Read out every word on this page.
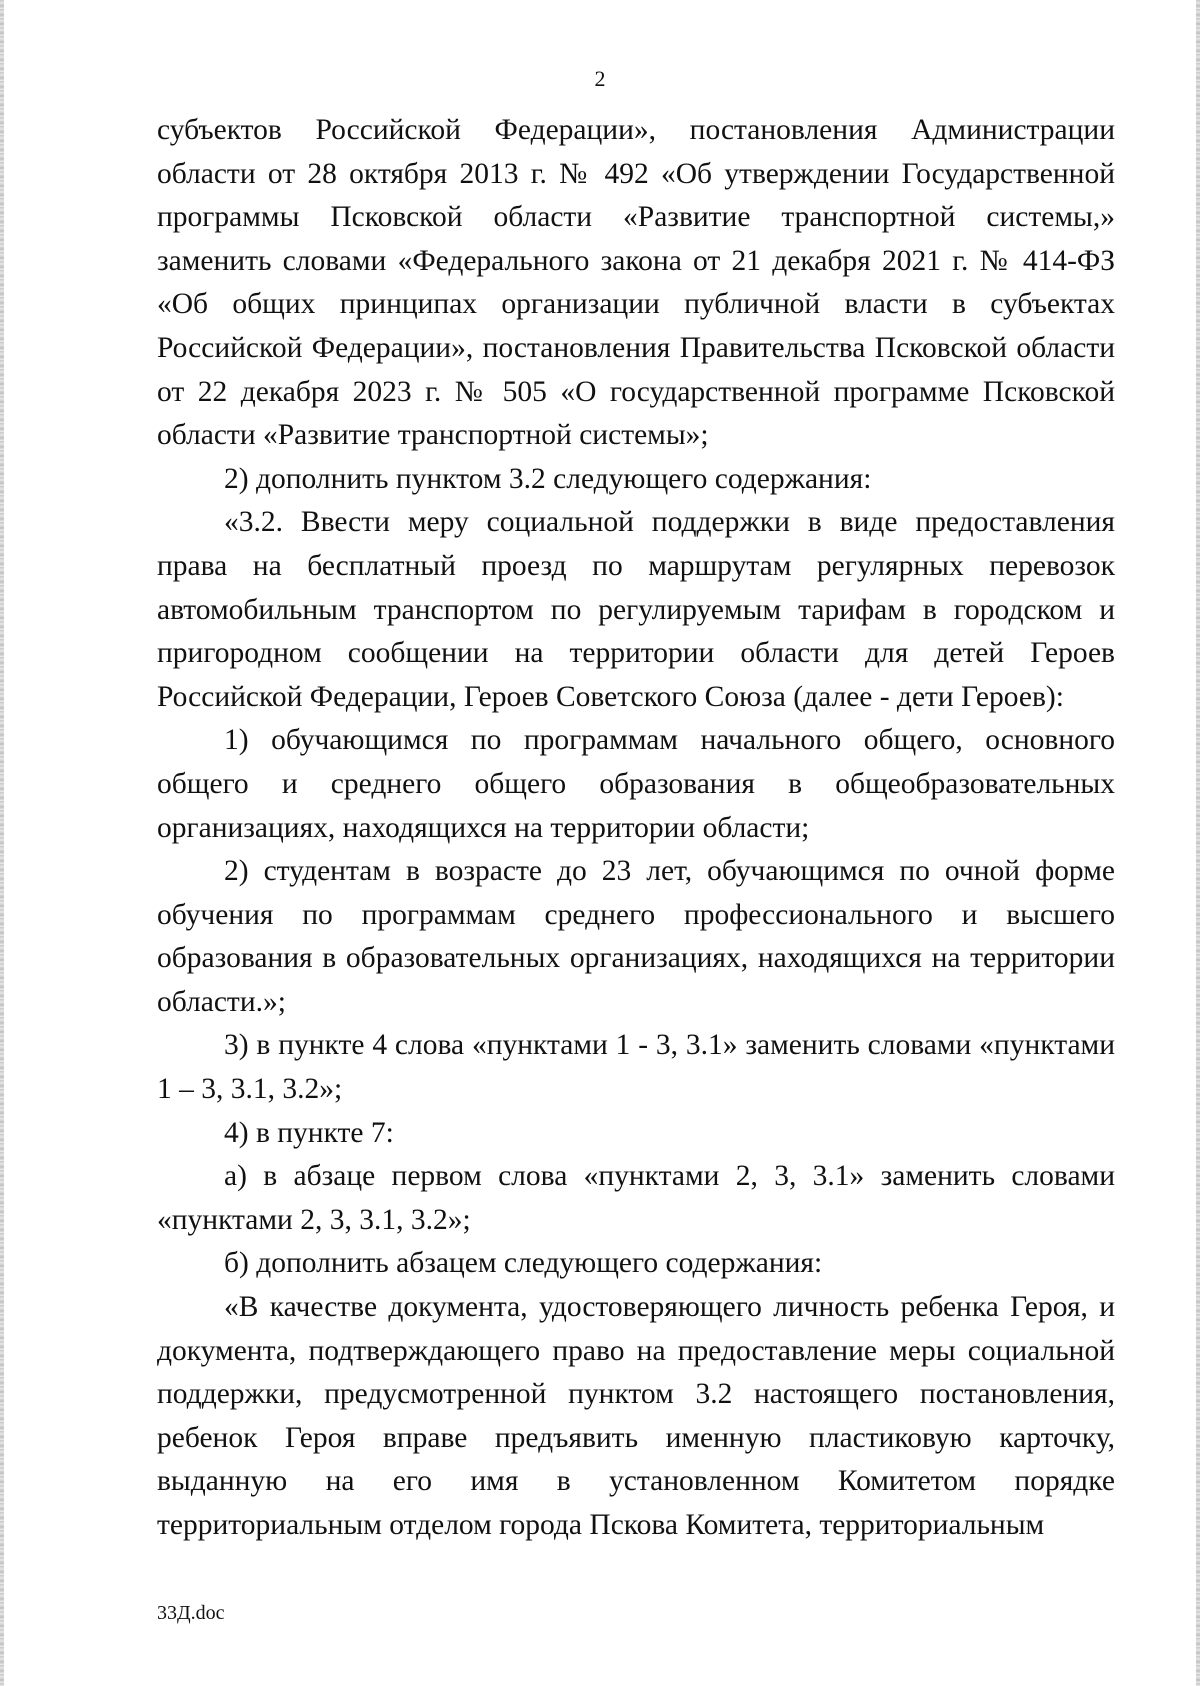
2

субъектов Российской Федерации», постановления Администрации области от 28 октября 2013 г. № 492 «Об утверждении Государственной программы Псковской области «Развитие транспортной системы,» заменить словами «Федерального закона от 21 декабря 2021 г. № 414-ФЗ «Об общих принципах организации публичной власти в субъектах Российской Федерации», постановления Правительства Псковской области от 22 декабря 2023 г. № 505 «О государственной программе Псковской области «Развитие транспортной системы»;

2) дополнить пунктом 3.2 следующего содержания:

«3.2. Ввести меру социальной поддержки в виде предоставления права на бесплатный проезд по маршрутам регулярных перевозок автомобильным транспортом по регулируемым тарифам в городском и пригородном сообщении на территории области для детей Героев Российской Федерации, Героев Советского Союза (далее - дети Героев):

1) обучающимся по программам начального общего, основного общего и среднего общего образования в общеобразовательных организациях, находящихся на территории области;

2) студентам в возрасте до 23 лет, обучающимся по очной форме обучения по программам среднего профессионального и высшего образования в образовательных организациях, находящихся на территории области.»;

3) в пункте 4 слова «пунктами 1 - 3, 3.1» заменить словами «пунктами 1 – 3, 3.1, 3.2»;

4) в пункте 7:

а) в абзаце первом слова «пунктами 2, 3, 3.1» заменить словами «пунктами 2, 3, 3.1, 3.2»;

б) дополнить абзацем следующего содержания:

«В качестве документа, удостоверяющего личность ребенка Героя, и документа, подтверждающего право на предоставление меры социальной поддержки, предусмотренной пунктом 3.2 настоящего постановления, ребенок Героя вправе предъявить именную пластиковую карточку, выданную на его имя в установленном Комитетом порядке территориальным отделом города Пскова Комитета, территориальным

33Д.doc
